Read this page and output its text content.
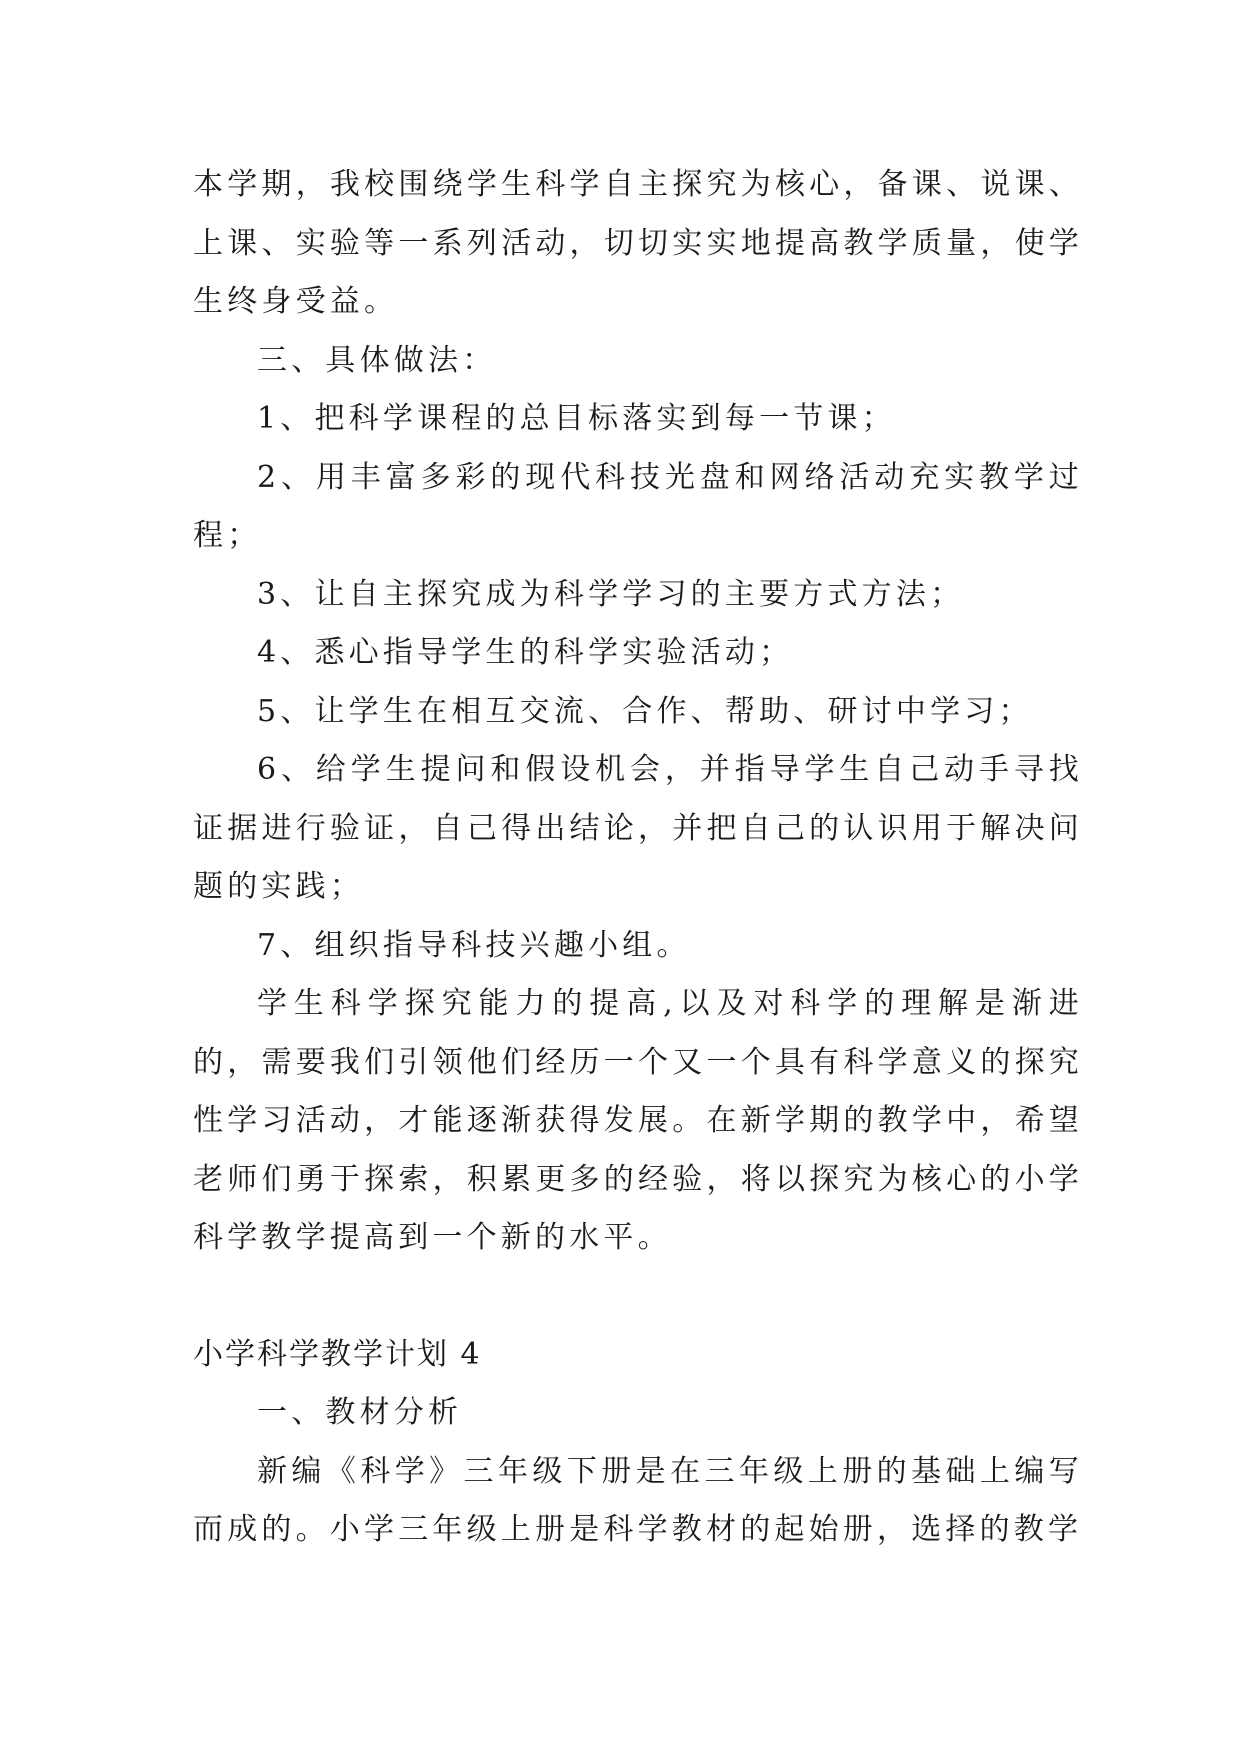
本学期，我校围绕学生科学自主探究为核心，备课、说课、上课、实验等一系列活动，切切实实地提高教学质量，使学生终身受益。

三、具体做法：

1、把科学课程的总目标落实到每一节课；

2、用丰富多彩的现代科技光盘和网络活动充实教学过程；

3、让自主探究成为科学学习的主要方式方法；

4、悉心指导学生的科学实验活动；

5、让学生在相互交流、合作、帮助、研讨中学习；

6、给学生提问和假设机会，并指导学生自己动手寻找证据进行验证，自己得出结论，并把自己的认识用于解决问题的实践；

7、组织指导科技兴趣小组。

学生科学探究能力的提高,以及对科学的理解是渐进的，需要我们引领他们经历一个又一个具有科学意义的探究性学习活动，才能逐渐获得发展。在新学期的教学中，希望老师们勇于探索，积累更多的经验，将以探究为核心的小学科学教学提高到一个新的水平。

小学科学教学计划 4

一、教材分析

新编《科学》三年级下册是在三年级上册的基础上编写而成的。小学三年级上册是科学教材的起始册，选择的教学
